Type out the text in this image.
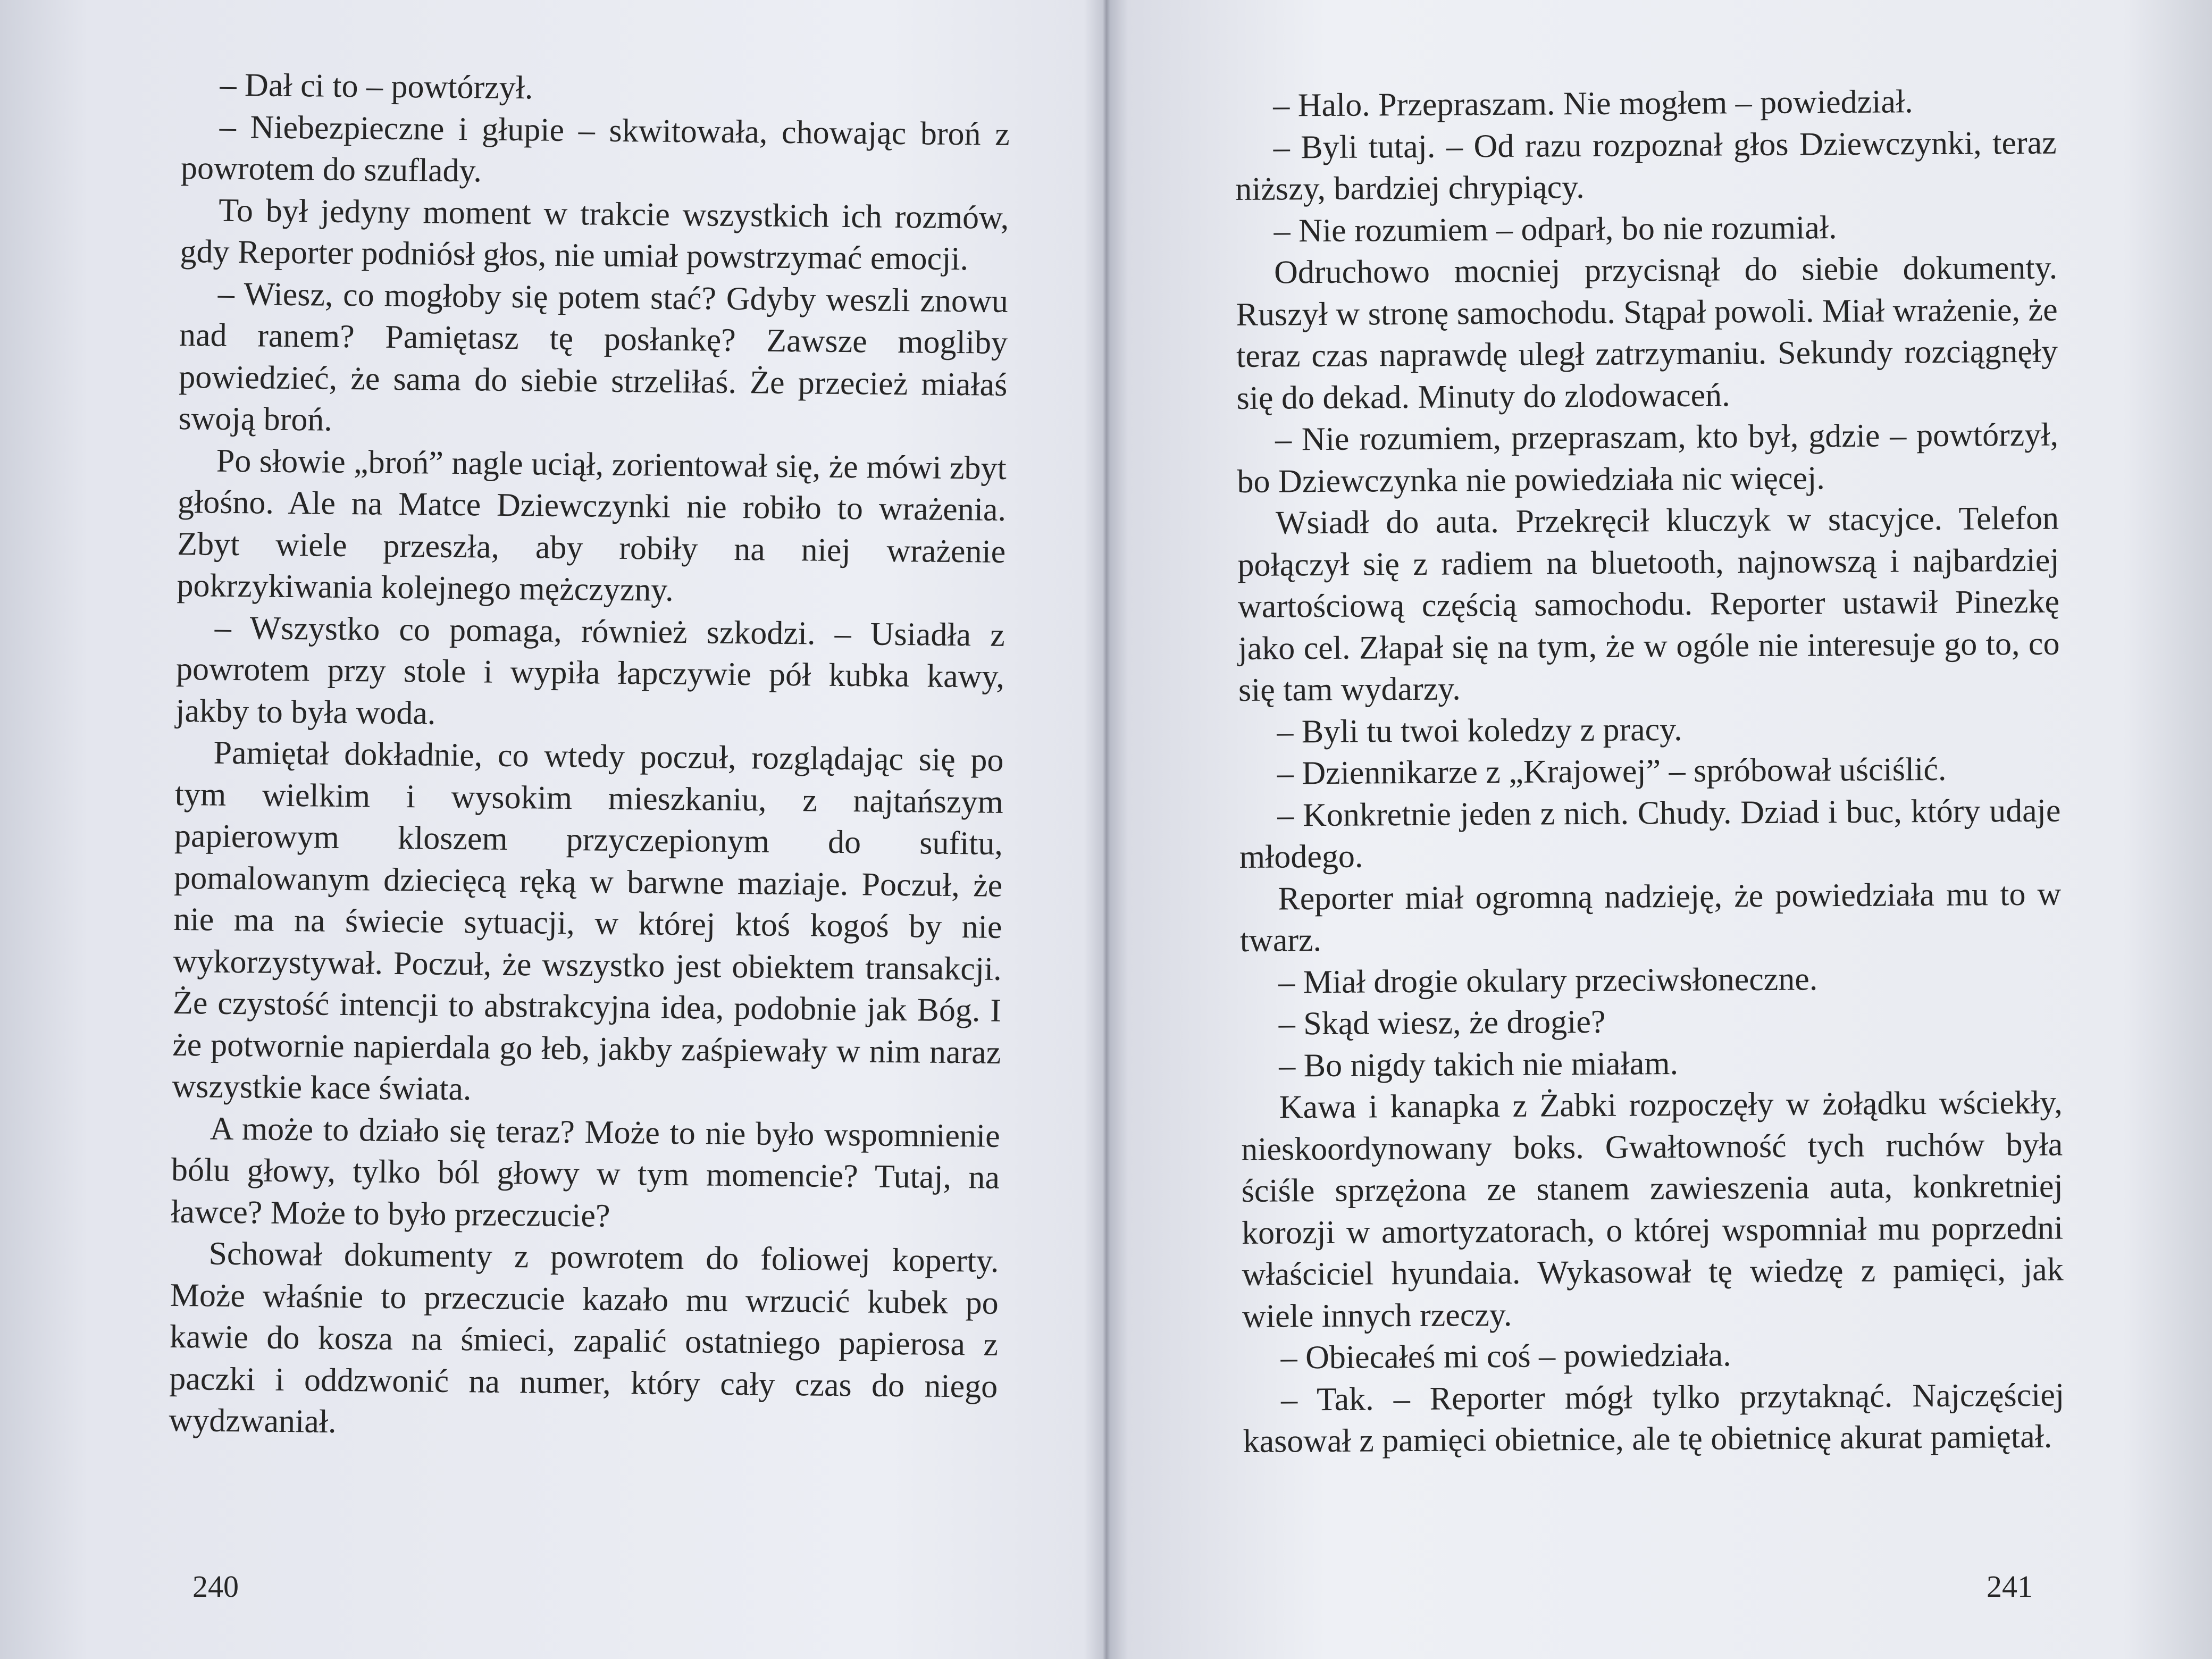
– Dał ci to – powtórzył.

– Niebezpieczne i głupie – skwitowała, chowając broń z powrotem do szuflady.

To był jedyny moment w trakcie wszystkich ich rozmów, gdy Reporter podniósł głos, nie umiał powstrzymać emocji.

– Wiesz, co mogłoby się potem stać? Gdyby weszli znowu nad ranem? Pamiętasz tę posłankę? Zawsze mogliby powiedzieć, że sama do siebie strzeliłaś. Że przecież miałaś swoją broń.

Po słowie „broń” nagle uciął, zorientował się, że mówi zbyt głośno. Ale na Matce Dziewczynki nie robiło to wrażenia. Zbyt wiele przeszła, aby robiły na niej wrażenie pokrzykiwania kolejnego mężczyzny.

– Wszystko co pomaga, również szkodzi. – Usiadła z powrotem przy stole i wypiła łapczywie pół kubka kawy, jakby to była woda.

Pamiętał dokładnie, co wtedy poczuł, rozglądając się po tym wielkim i wysokim mieszkaniu, z najtańszym papierowym kloszem przyczepionym do sufitu, pomalowanym dziecięcą ręką w barwne maziaje. Poczuł, że nie ma na świecie sytuacji, w której ktoś kogoś by nie wykorzystywał. Poczuł, że wszystko jest obiektem transakcji. Że czystość intencji to abstrakcyjna idea, podobnie jak Bóg. I że potwornie napierdala go łeb, jakby zaśpiewały w nim naraz wszystkie kace świata.

A może to działo się teraz? Może to nie było wspomnienie bólu głowy, tylko ból głowy w tym momencie? Tutaj, na ławce? Może to było przeczucie?

Schował dokumenty z powrotem do foliowej koperty. Może właśnie to przeczucie kazało mu wrzucić kubek po kawie do kosza na śmieci, zapalić ostatniego papierosa z paczki i oddzwonić na numer, który cały czas do niego wydzwaniał.

240

– Halo. Przepraszam. Nie mogłem – powiedział.

– Byli tutaj. – Od razu rozpoznał głos Dziewczynki, teraz niższy, bardziej chrypiący.

– Nie rozumiem – odparł, bo nie rozumiał.

Odruchowo mocniej przycisnął do siebie dokumenty. Ruszył w stronę samochodu. Stąpał powoli. Miał wrażenie, że teraz czas naprawdę uległ zatrzymaniu. Sekundy rozciągnęły się do dekad. Minuty do zlodowaceń.

– Nie rozumiem, przepraszam, kto był, gdzie – powtórzył, bo Dziewczynka nie powiedziała nic więcej.

Wsiadł do auta. Przekręcił kluczyk w stacyjce. Telefon połączył się z radiem na bluetooth, najnowszą i najbardziej wartościową częścią samochodu. Reporter ustawił Pinezkę jako cel. Złapał się na tym, że w ogóle nie interesuje go to, co się tam wydarzy.

– Byli tu twoi koledzy z pracy.

– Dziennikarze z „Krajowej” – spróbował uściślić.

– Konkretnie jeden z nich. Chudy. Dziad i buc, który udaje młodego.

Reporter miał ogromną nadzieję, że powiedziała mu to w twarz.

– Miał drogie okulary przeciwsłoneczne.

– Skąd wiesz, że drogie?

– Bo nigdy takich nie miałam.

Kawa i kanapka z Żabki rozpoczęły w żołądku wściekły, nieskoordynowany boks. Gwałtowność tych ruchów była ściśle sprzężona ze stanem zawieszenia auta, konkretniej korozji w amortyzatorach, o której wspomniał mu poprzedni właściciel hyundaia. Wykasował tę wiedzę z pamięci, jak wiele innych rzeczy.

– Obiecałeś mi coś – powiedziała.

– Tak. – Reporter mógł tylko przytaknąć. Najczęściej kasował z pamięci obietnice, ale tę obietnicę akurat pamiętał.

241
